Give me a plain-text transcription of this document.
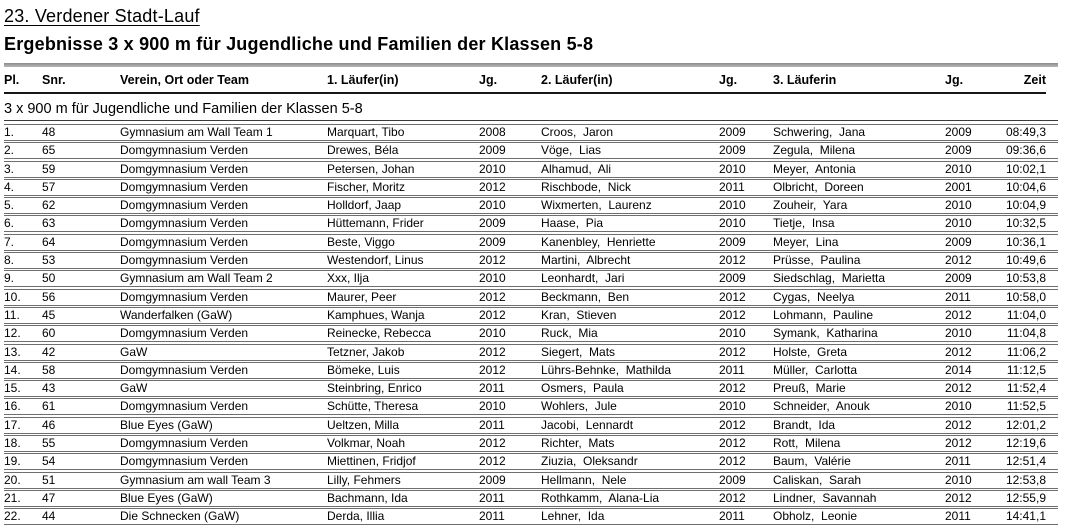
23. Verdener Stadt-Lauf
Ergebnisse 3 x 900 m für Jugendliche und Familien der Klassen 5-8
Pl.	Snr.	Verein, Ort oder Team	1. Läufer(in)	Jg.	2. Läufer(in)	Jg.	3. Läuferin	Jg.	Zeit
3 x 900 m für Jugendliche und Familien der Klassen 5-8
1.	48	Gymnasium am Wall Team 1	Marquart, Tibo	2008	Croos,  Jaron	2009	Schwering,  Jana	2009	08:49,3
2.	65	Domgymnasium Verden	Drewes, Béla	2009	Vöge,  Lias	2009	Zegula,  Milena	2009	09:36,6
3.	59	Domgymnasium Verden	Petersen, Johan	2010	Alhamud,  Ali	2010	Meyer,  Antonia	2010	10:02,1
4.	57	Domgymnasium Verden	Fischer, Moritz	2012	Rischbode,  Nick	2011	Olbricht,  Doreen	2001	10:04,6
5.	62	Domgymnasium Verden	Holldorf, Jaap	2010	Wixmerten,  Laurenz	2010	Zouheir,  Yara	2010	10:04,9
6.	63	Domgymnasium Verden	Hüttemann, Frider	2009	Haase,  Pia	2010	Tietje,  Insa	2010	10:32,5
7.	64	Domgymnasium Verden	Beste, Viggo	2009	Kanenbley,  Henriette	2009	Meyer,  Lina	2009	10:36,1
8.	53	Domgymnasium Verden	Westendorf, Linus	2012	Martini,  Albrecht	2012	Prüsse,  Paulina	2012	10:49,6
9.	50	Gymnasium am Wall Team 2	Xxx, Ilja	2010	Leonhardt,  Jari	2009	Siedschlag,  Marietta	2009	10:53,8
10.	56	Domgymnasium Verden	Maurer, Peer	2012	Beckmann,  Ben	2012	Cygas,  Neelya	2011	10:58,0
11.	45	Wanderfalken (GaW)	Kamphues, Wanja	2012	Kran,  Stieven	2012	Lohmann,  Pauline	2012	11:04,0
12.	60	Domgymnasium Verden	Reinecke, Rebecca	2010	Ruck,  Mia	2010	Symank,  Katharina	2010	11:04,8
13.	42	GaW	Tetzner, Jakob	2012	Siegert,  Mats	2012	Holste,  Greta	2012	11:06,2
14.	58	Domgymnasium Verden	Bömeke, Luis	2012	Lührs-Behnke,  Mathilda	2011	Müller,  Carlotta	2014	11:12,5
15.	43	GaW	Steinbring, Enrico	2011	Osmers,  Paula	2012	Preuß,  Marie	2012	11:52,4
16.	61	Domgymnasium Verden	Schütte, Theresa	2010	Wohlers,  Jule	2010	Schneider,  Anouk	2010	11:52,5
17.	46	Blue Eyes (GaW)	Ueltzen, Milla	2011	Jacobi,  Lennardt	2012	Brandt,  Ida	2012	12:01,2
18.	55	Domgymnasium Verden	Volkmar, Noah	2012	Richter,  Mats	2012	Rott,  Milena	2012	12:19,6
19.	54	Domgymnasium Verden	Miettinen, Fridjof	2012	Ziuzia,  Oleksandr	2012	Baum,  Valérie	2011	12:51,4
20.	51	Gymnasium am wall Team 3	Lilly, Fehmers	2009	Hellmann,  Nele	2009	Caliskan,  Sarah	2010	12:53,8
21.	47	Blue Eyes (GaW)	Bachmann, Ida	2011	Rothkamm,  Alana-Lia	2012	Lindner,  Savannah	2012	12:55,9
22.	44	Die Schnecken (GaW)	Derda, Illia	2011	Lehner,  Ida	2011	Obholz,  Leonie	2011	14:41,1
